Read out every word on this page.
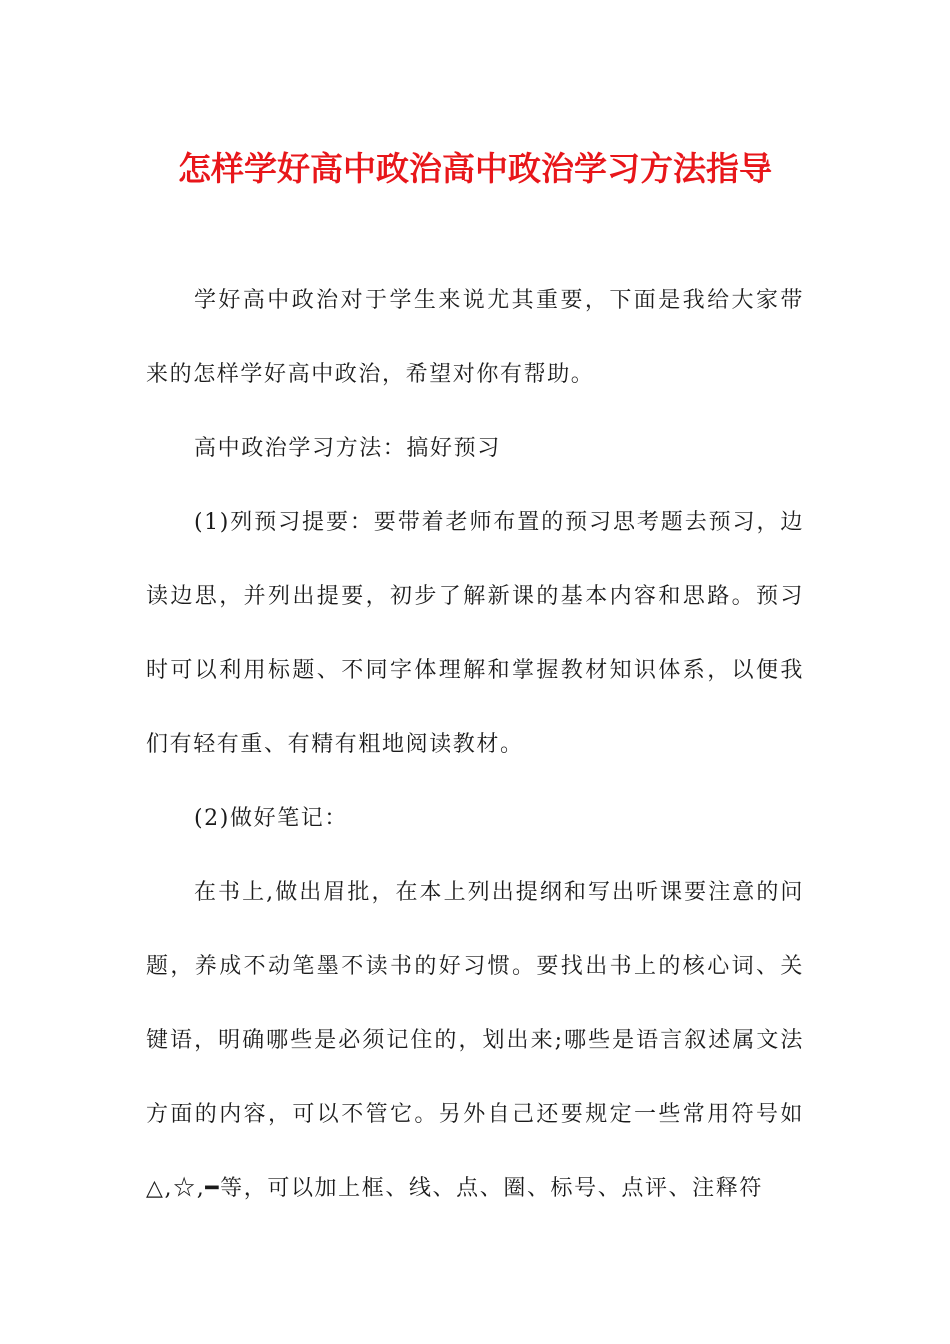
怎样学好高中政治高中政治学习方法指导

学好高中政治对于学生来说尤其重要，下面是我给大家带来的怎样学好高中政治，希望对你有帮助。

高中政治学习方法：搞好预习

(1)列预习提要：要带着老师布置的预习思考题去预习，边读边思，并列出提要，初步了解新课的基本内容和思路。预习时可以利用标题、不同字体理解和掌握教材知识体系，以便我们有轻有重、有精有粗地阅读教材。

(2)做好笔记：

在书上,做出眉批，在本上列出提纲和写出听课要注意的问题，养成不动笔墨不读书的好习惯。要找出书上的核心词、关键语，明确哪些是必须记住的，划出来;哪些是语言叙述属文法方面的内容，可以不管它。另外自己还要规定一些常用符号如△,☆,━等，可以加上框、线、点、圈、标号、点评、注释符
